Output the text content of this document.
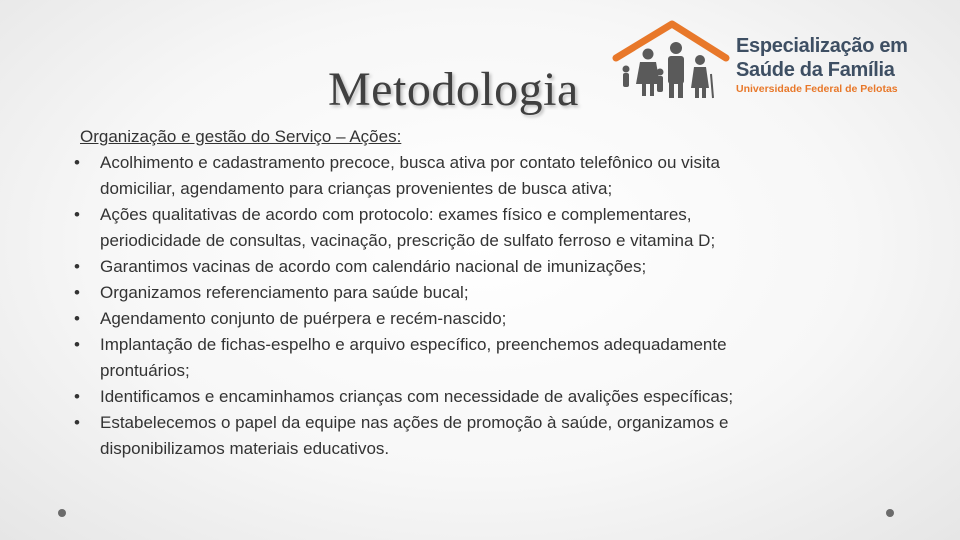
Metodologia
Especialização em
Saúde da Família
Universidade Federal de Pelotas
Organização e gestão do Serviço – Ações:
•	Acolhimento e cadastramento precoce, busca ativa por contato telefônico ou visita
domiciliar, agendamento para crianças provenientes de busca ativa;
•	Ações qualitativas de acordo com protocolo: exames físico e complementares,
periodicidade de consultas, vacinação, prescrição de sulfato ferroso e vitamina D;
•	Garantimos vacinas de acordo com calendário nacional de imunizações;
•	Organizamos referenciamento para saúde bucal;
•	Agendamento conjunto de puérpera e recém-nascido;
•	Implantação de fichas-espelho e arquivo específico, preenchemos adequadamente
prontuários;
•	Identificamos e encaminhamos crianças com necessidade de avalições específicas;
•	Estabelecemos o papel da equipe nas ações de promoção à saúde, organizamos e
disponibilizamos materiais educativos.
